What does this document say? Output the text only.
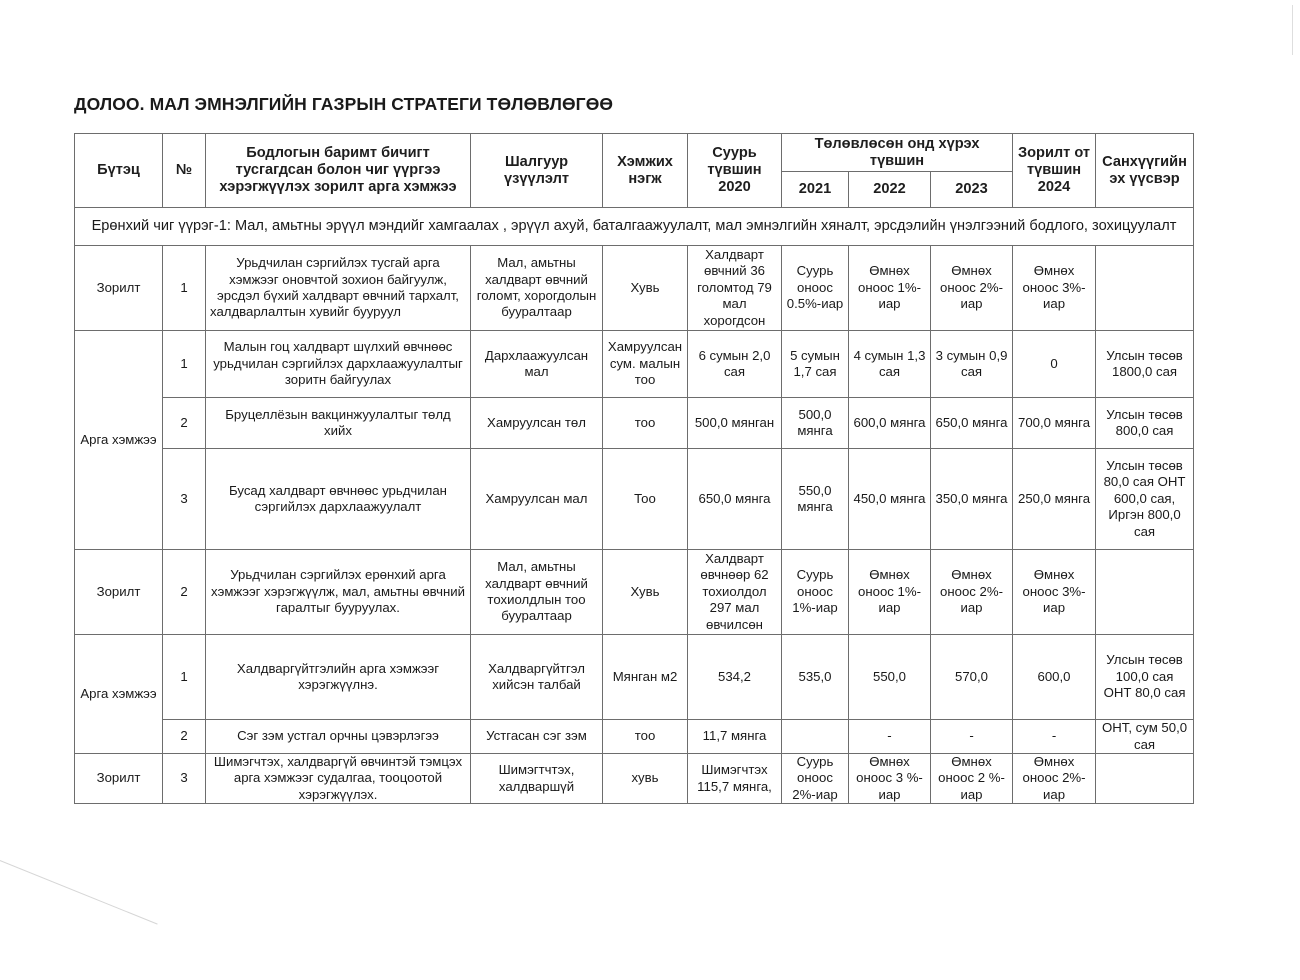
ДОЛОО. МАЛ ЭМНЭЛГИЙН ГАЗРЫН СТРАТЕГИ ТӨЛӨВЛӨГӨӨ
Бүтэц	№	Бодлогын баримт бичигт тусгагдсан болон чиг үүргээ хэрэгжүүлэх зорилт арга хэмжээ	Шалгуур үзүүлэлт	Хэмжих нэгж	Суурь түвшин 2020	Төлөвлөсөн онд хүрэх түвшин			Зорилт от түвшин 2024	Санхүүгийн эх үүсвэр
						2021	2022	2023		
Ерөнхий чиг үүрэг-1: Мал, амьтны эрүүл мэндийг хамгаалах , эрүүл ахуй, баталгаажуулалт, мал эмнэлгийн хяналт, эрсдэлийн үнэлгээний бодлого, зохицуулалт										
Зорилт	1	Урьдчилан сэргийлэх тусгай арга хэмжээг оновчтой зохион байгуулж, эрсдэл бүхий халдварт өвчний тархалт, халдварлалтын хувийг бууруул	Мал, амьтны халдварт өвчний голомт, хорогдолын бууралтаар	Хувь	Халдварт өвчний 36 голомтод 79 мал хорогдсон	Суурь оноос 0.5%-иар	Өмнөх оноос 1%-иар	Өмнөх оноос 2%-иар	Өмнөх оноос 3%-иар	
Арга хэмжээ	1	Малын гоц халдварт шүлхий өвчнөөс урьдчилан сэргийлэх дархлаажуулалтыг зоритн байгуулах	Дархлаажуулсан мал	Хамруулсан сум. малын тоо	6 сумын 2,0 сая	5 сумын 1,7 сая	4 сумын 1,3 сая	3 сумын 0,9 сая	0	Улсын төсөв 1800,0 сая
	2	Бруцеллёзын вакцинжуулалтыг төлд хийх	Хамруулсан төл	тоо	500,0 мянган	500,0 мянга	600,0 мянга	650,0 мянга	700,0 мянга	Улсын төсөв 800,0 сая
	3	Бусад халдварт өвчнөөс урьдчилан сэргийлэх дархлаажуулалт	Хамруулсан мал	Тоо	650,0 мянга	550,0 мянга	450,0 мянга	350,0 мянга	250,0 мянга	Улсын төсөв 80,0 сая ОНТ 600,0 сая, Иргэн 800,0 сая
Зорилт	2	Урьдчилан сэргийлэх ерөнхий арга хэмжээг хэрэгжүүлж, мал, амьтны өвчний гаралтыг бууруулах.	Мал, амьтны халдварт өвчний тохиолдлын тоо бууралтаар	Хувь	Халдварт өвчнөөр 62 тохиолдол 297 мал өвчилсөн	Суурь оноос 1%-иар	Өмнөх оноос 1%-иар	Өмнөх оноос 2%-иар	Өмнөх оноос 3%-иар	
Арга хэмжээ	1	Халдваргүйтгэлийн арга хэмжээг хэрэгжүүлнэ.	Халдваргүйтгэл хийсэн талбай	Мянган м2	534,2	535,0	550,0	570,0	600,0	Улсын төсөв 100,0 сая ОНТ 80,0 сая
	2	Сэг зэм устгал орчны цэвэрлэгээ	Устгасан сэг зэм	тоо	11,7 мянга		-	-	-	ОНТ, сум 50,0 сая
Зорилт	3	Шимэгчтэх, халдваргүй өвчинтэй тэмцэх арга хэмжээг судалгаа, тооцоотой хэрэгжүүлэх.	Шимэгтчтэх, халдваршүй	хувь	Шимэгчтэх 115,7 мянга,	Суурь оноос 2%-иар	Өмнөх оноос 3 %-иар	Өмнөх оноос 2 %-иар	Өмнөх оноос 2%-иар	
